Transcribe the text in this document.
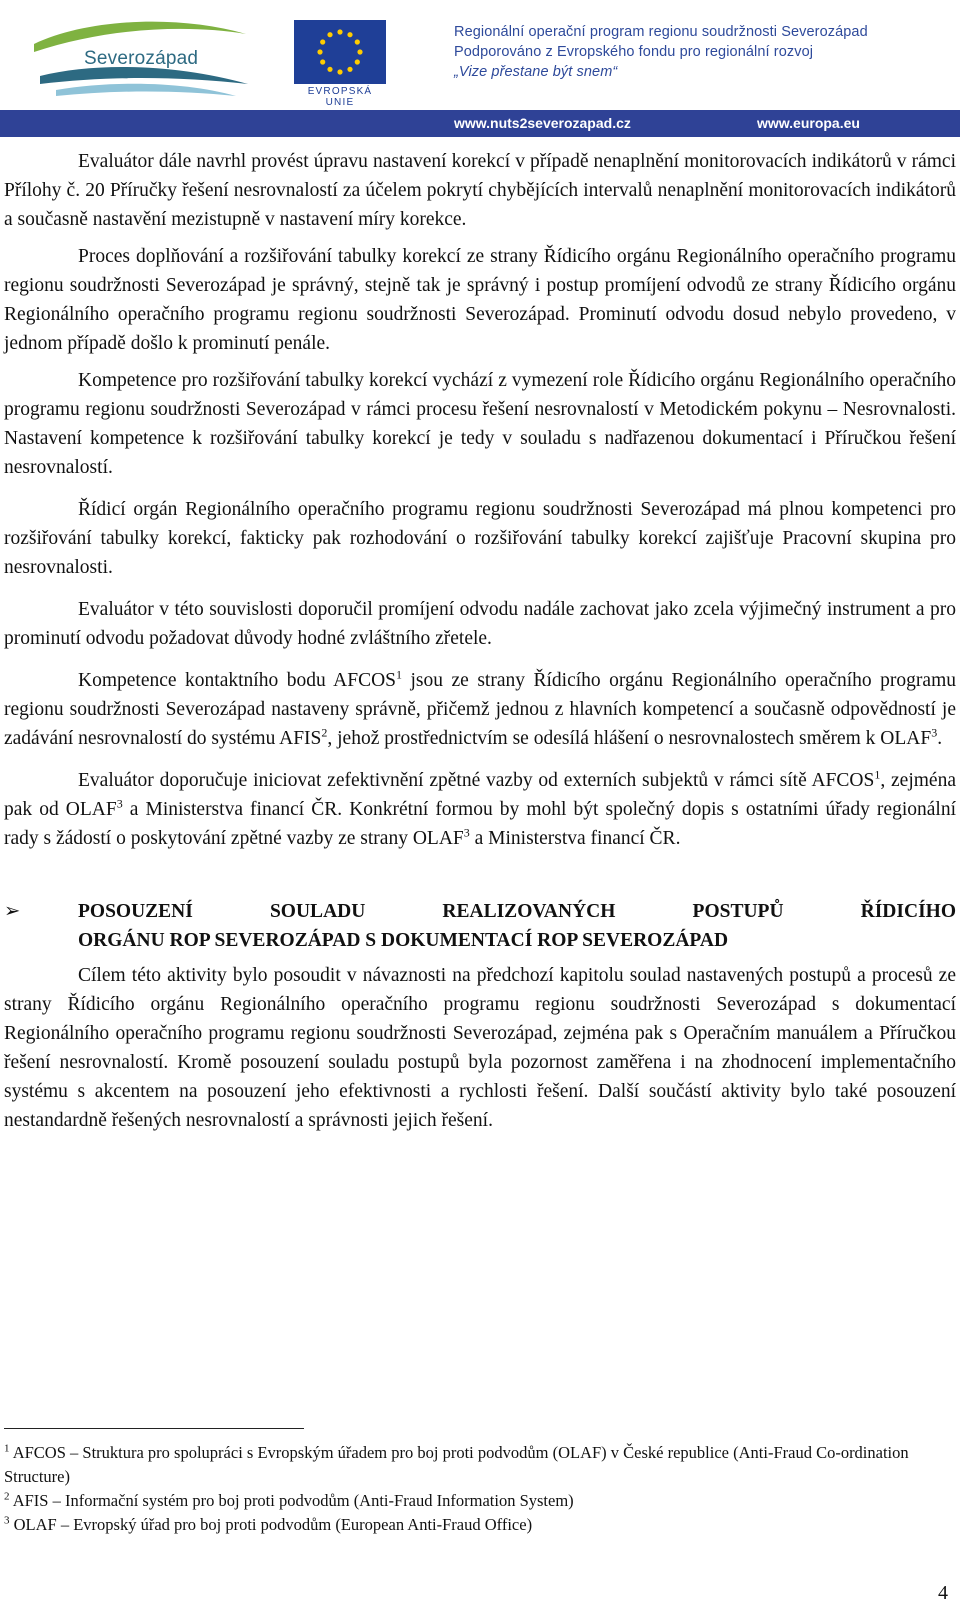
Severozápad
EVROPSKÁ UNIE
Regionální operační program regionu soudržnosti Severozápad
Podporováno z Evropského fondu pro regionální rozvoj
„Vize přestane být snem“
www.nuts2severozapad.cz	www.europa.eu

Evaluátor dále navrhl provést úpravu nastavení korekcí v případě nenaplnění monitorovacích indikátorů v rámci Přílohy č. 20 Příručky řešení nesrovnalostí za účelem pokrytí chybějících intervalů nenaplnění monitorovacích indikátorů a současně nastavění mezistupně v nastavení míry korekce.

Proces doplňování a rozšiřování tabulky korekcí ze strany Řídicího orgánu Regionálního operačního programu regionu soudržnosti Severozápad je správný, stejně tak je správný i postup promíjení odvodů ze strany Řídicího orgánu Regionálního operačního programu regionu soudržnosti Severozápad. Prominutí odvodu dosud nebylo provedeno, v jednom případě došlo k prominutí penále.

Kompetence pro rozšiřování tabulky korekcí vychází z vymezení role Řídicího orgánu Regionálního operačního programu regionu soudržnosti Severozápad v rámci procesu řešení nesrovnalostí v Metodickém pokynu – Nesrovnalosti. Nastavení kompetence k rozšiřování tabulky korekcí je tedy v souladu s nadřazenou dokumentací i Příručkou řešení nesrovnalostí.

Řídicí orgán Regionálního operačního programu regionu soudržnosti Severozápad má plnou kompetenci pro rozšiřování tabulky korekcí, fakticky pak rozhodování o rozšiřování tabulky korekcí zajišťuje Pracovní skupina pro nesrovnalosti.

Evaluátor v této souvislosti doporučil promíjení odvodu nadále zachovat jako zcela výjimečný instrument a pro prominutí odvodu požadovat důvody hodné zvláštního zřetele.

Kompetence kontaktního bodu AFCOS$^1$ jsou ze strany Řídicího orgánu Regionálního operačního programu regionu soudržnosti Severozápad nastaveny správně, přičemž jednou z hlavních kompetencí a současně odpovědností je zadávání nesrovnalostí do systému AFIS$^2$, jehož prostřednictvím se odesílá hlášení o nesrovnalostech směrem k OLAF$^3$.

Evaluátor doporučuje iniciovat zefektivnění zpětné vazby od externích subjektů v rámci sítě AFCOS$^1$, zejména pak od OLAF$^3$ a Ministerstva financí ČR. Konkrétní formou by mohl být společný dopis s ostatními úřady regionální rady s žádostí o poskytování zpětné vazby ze strany OLAF$^3$ a Ministerstva financí ČR.

➢	POSOUZENÍ SOULADU REALIZOVANÝCH POSTUPŮ ŘÍDICÍHO
ORGÁNU ROP SEVEROZÁPAD S DOKUMENTACÍ ROP SEVEROZÁPAD

Cílem této aktivity bylo posoudit v návaznosti na předchozí kapitolu soulad nastavených postupů a procesů ze strany Řídicího orgánu Regionálního operačního programu regionu soudržnosti Severozápad s dokumentací Regionálního operačního programu regionu soudržnosti Severozápad, zejména pak s Operačním manuálem a Příručkou řešení nesrovnalostí. Kromě posouzení souladu postupů byla pozornost zaměřena i na zhodnocení implementačního systému s akcentem na posouzení jeho efektivnosti a rychlosti řešení. Další součástí aktivity bylo také posouzení nestandardně řešených nesrovnalostí a správnosti jejich řešení.

$^1$ AFCOS – Struktura pro spolupráci s Evropským úřadem pro boj proti podvodům (OLAF) v České republice (Anti-Fraud Co-ordination Structure)
$^2$ AFIS – Informační systém pro boj proti podvodům (Anti-Fraud Information System)
$^3$ OLAF – Evropský úřad pro boj proti podvodům (European Anti-Fraud Office)
4
